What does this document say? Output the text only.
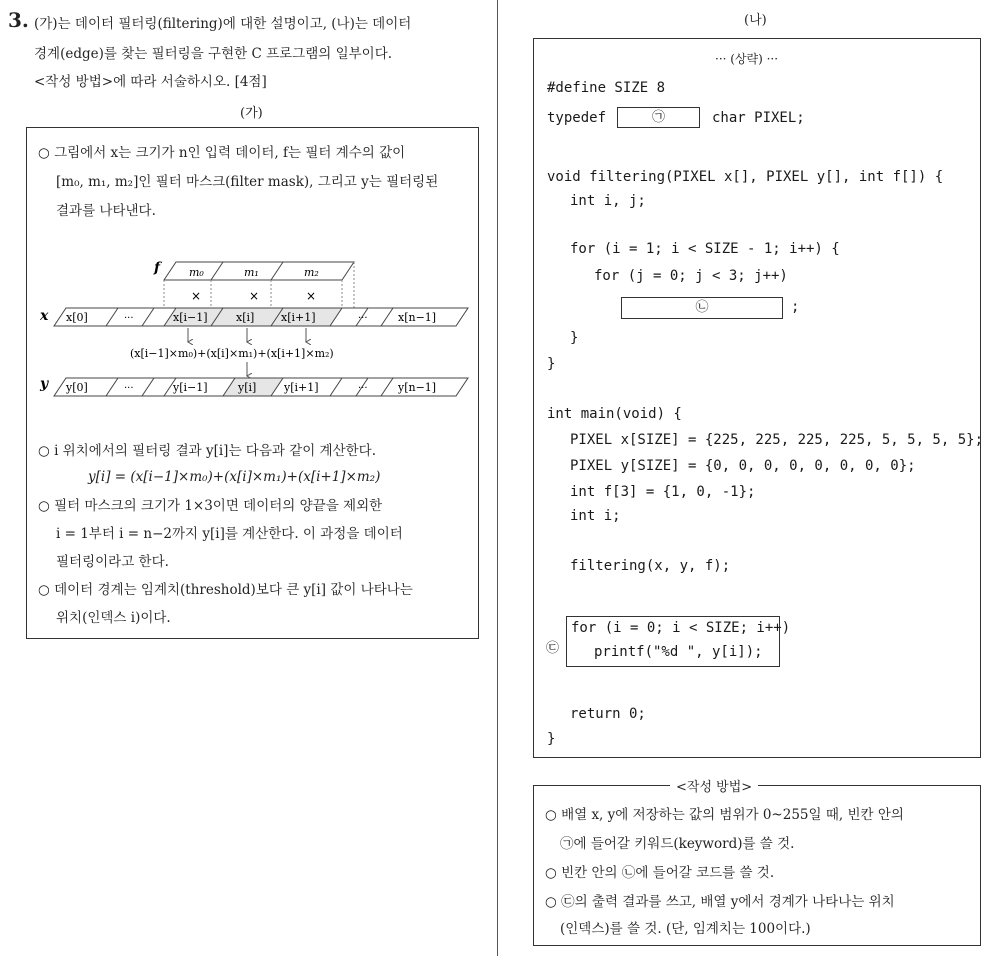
3. (가)는 데이터 필터링(filtering)에 대한 설명이고, (나)는 데이터
경계(edge)를 찾는 필터링을 구현한 C 프로그램의 일부이다.
<작성 방법>에 따라 서술하시오. [4점]
(가)
○ 그림에서 x는 크기가 n인 입력 데이터, f는 필터 계수의 값이
[m₀, m₁, m₂]인 필터 마스크(filter mask), 그리고 y는 필터링된
결과를 나타낸다.
f	m₀	m₁	m₂
×	×	×
x x[0]	···	x[i−1]	x[i] x[i+1]	···	x[n−1]
(x[i−1]×m₀)+(x[i]×m₁)+(x[i+1]×m₂)
y y[0]	···	y[i−1]	y[i]	y[i+1]	···	y[n−1]
○ i 위치에서의 필터링 결과 y[i]는 다음과 같이 계산한다.
y[i] = (x[i−1]×m₀)+(x[i]×m₁)+(x[i+1]×m₂)
○ 필터 마스크의 크기가 1×3이면 데이터의 양끝을 제외한
i = 1부터 i = n−2까지 y[i]를 계산한다. 이 과정을 데이터
필터링이라고 한다.
○ 데이터 경계는 임계치(threshold)보다 큰 y[i] 값이 나타나는
위치(인덱스 i)이다.
(나)
··· (상략) ···
#define SIZE 8
typedef	㉠	char PIXEL;
void filtering(PIXEL x[], PIXEL y[], int f[]) {
int i, j;
for (i = 1; i < SIZE - 1; i++) {
for (j = 0; j < 3; j++)
㉡	;
}
}
int main(void) {
PIXEL x[SIZE] = {225, 225, 225, 225, 5, 5, 5, 5};
PIXEL y[SIZE] = {0, 0, 0, 0, 0, 0, 0, 0};
int f[3] = {1, 0, -1};
int i;
filtering(x, y, f);
㉢
for (i = 0; i < SIZE; i++)
printf("%d ", y[i]);
return 0;
}
<작성 방법>
○ 배열 x, y에 저장하는 값의 범위가 0~255일 때, 빈칸 안의
㉠에 들어갈 키워드(keyword)를 쓸 것.
○ 빈칸 안의 ㉡에 들어갈 코드를 쓸 것.
○ ㉢의 출력 결과를 쓰고, 배열 y에서 경계가 나타나는 위치
(인덱스)를 쓸 것. (단, 임계치는 100이다.)
